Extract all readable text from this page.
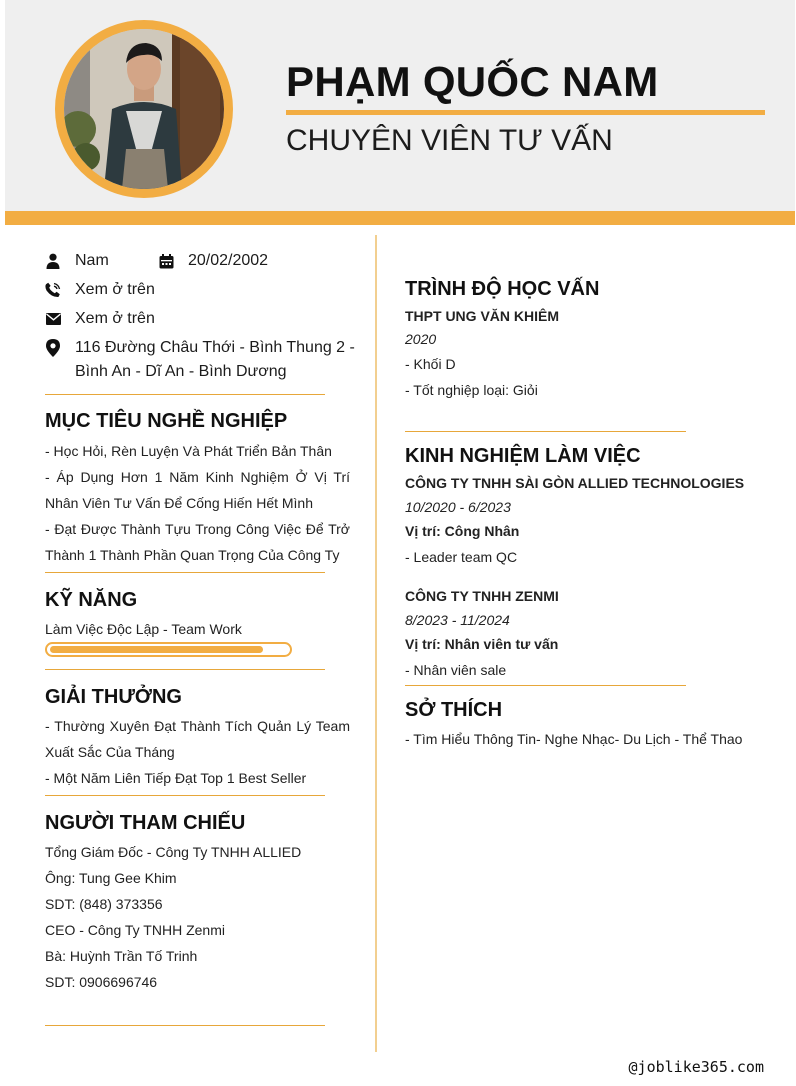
PHẠM QUỐC NAM
CHUYÊN VIÊN TƯ VẤN
Nam	20/02/2002
Xem ở trên
Xem ở trên
116 Đường Châu Thới - Bình Thung 2 -
Bình An - Dĩ An - Bình Dương
MỤC TIÊU NGHỀ NGHIỆP
- Học Hỏi, Rèn Luyện Và Phát Triển Bản Thân
- Áp Dụng Hơn 1 Năm Kinh Nghiệm Ở Vị Trí Nhân Viên Tư Vấn Để Cống Hiến Hết Mình
- Đạt Được Thành Tựu Trong Công Việc Để Trở Thành 1 Thành Phần Quan Trọng Của Công Ty
KỸ NĂNG
Làm Việc Độc Lập - Team Work
GIẢI THƯỞNG
- Thường Xuyên Đạt Thành Tích Quản Lý Team Xuất Sắc Của Tháng
- Một Năm Liên Tiếp Đạt Top 1 Best Seller
NGƯỜI THAM CHIẾU
Tổng Giám Đốc - Công Ty TNHH ALLIED
Ông: Tung Gee Khim
SDT: (848) 373356
CEO - Công Ty TNHH Zenmi
Bà: Huỳnh Trần Tố Trinh
SDT: 0906696746
TRÌNH ĐỘ HỌC VẤN
THPT UNG VĂN KHIÊM
2020
- Khối D
- Tốt nghiệp loại: Giỏi
KINH NGHIỆM LÀM VIỆC
CÔNG TY TNHH SÀI GÒN ALLIED TECHNOLOGIES
10/2020 - 6/2023
Vị trí: Công Nhân
- Leader team QC
CÔNG TY TNHH ZENMI
8/2023 - 11/2024
Vị trí: Nhân viên tư vấn
- Nhân viên sale
SỞ THÍCH
- Tìm Hiểu Thông Tin- Nghe Nhạc- Du Lịch - Thể Thao
@joblike365.com
